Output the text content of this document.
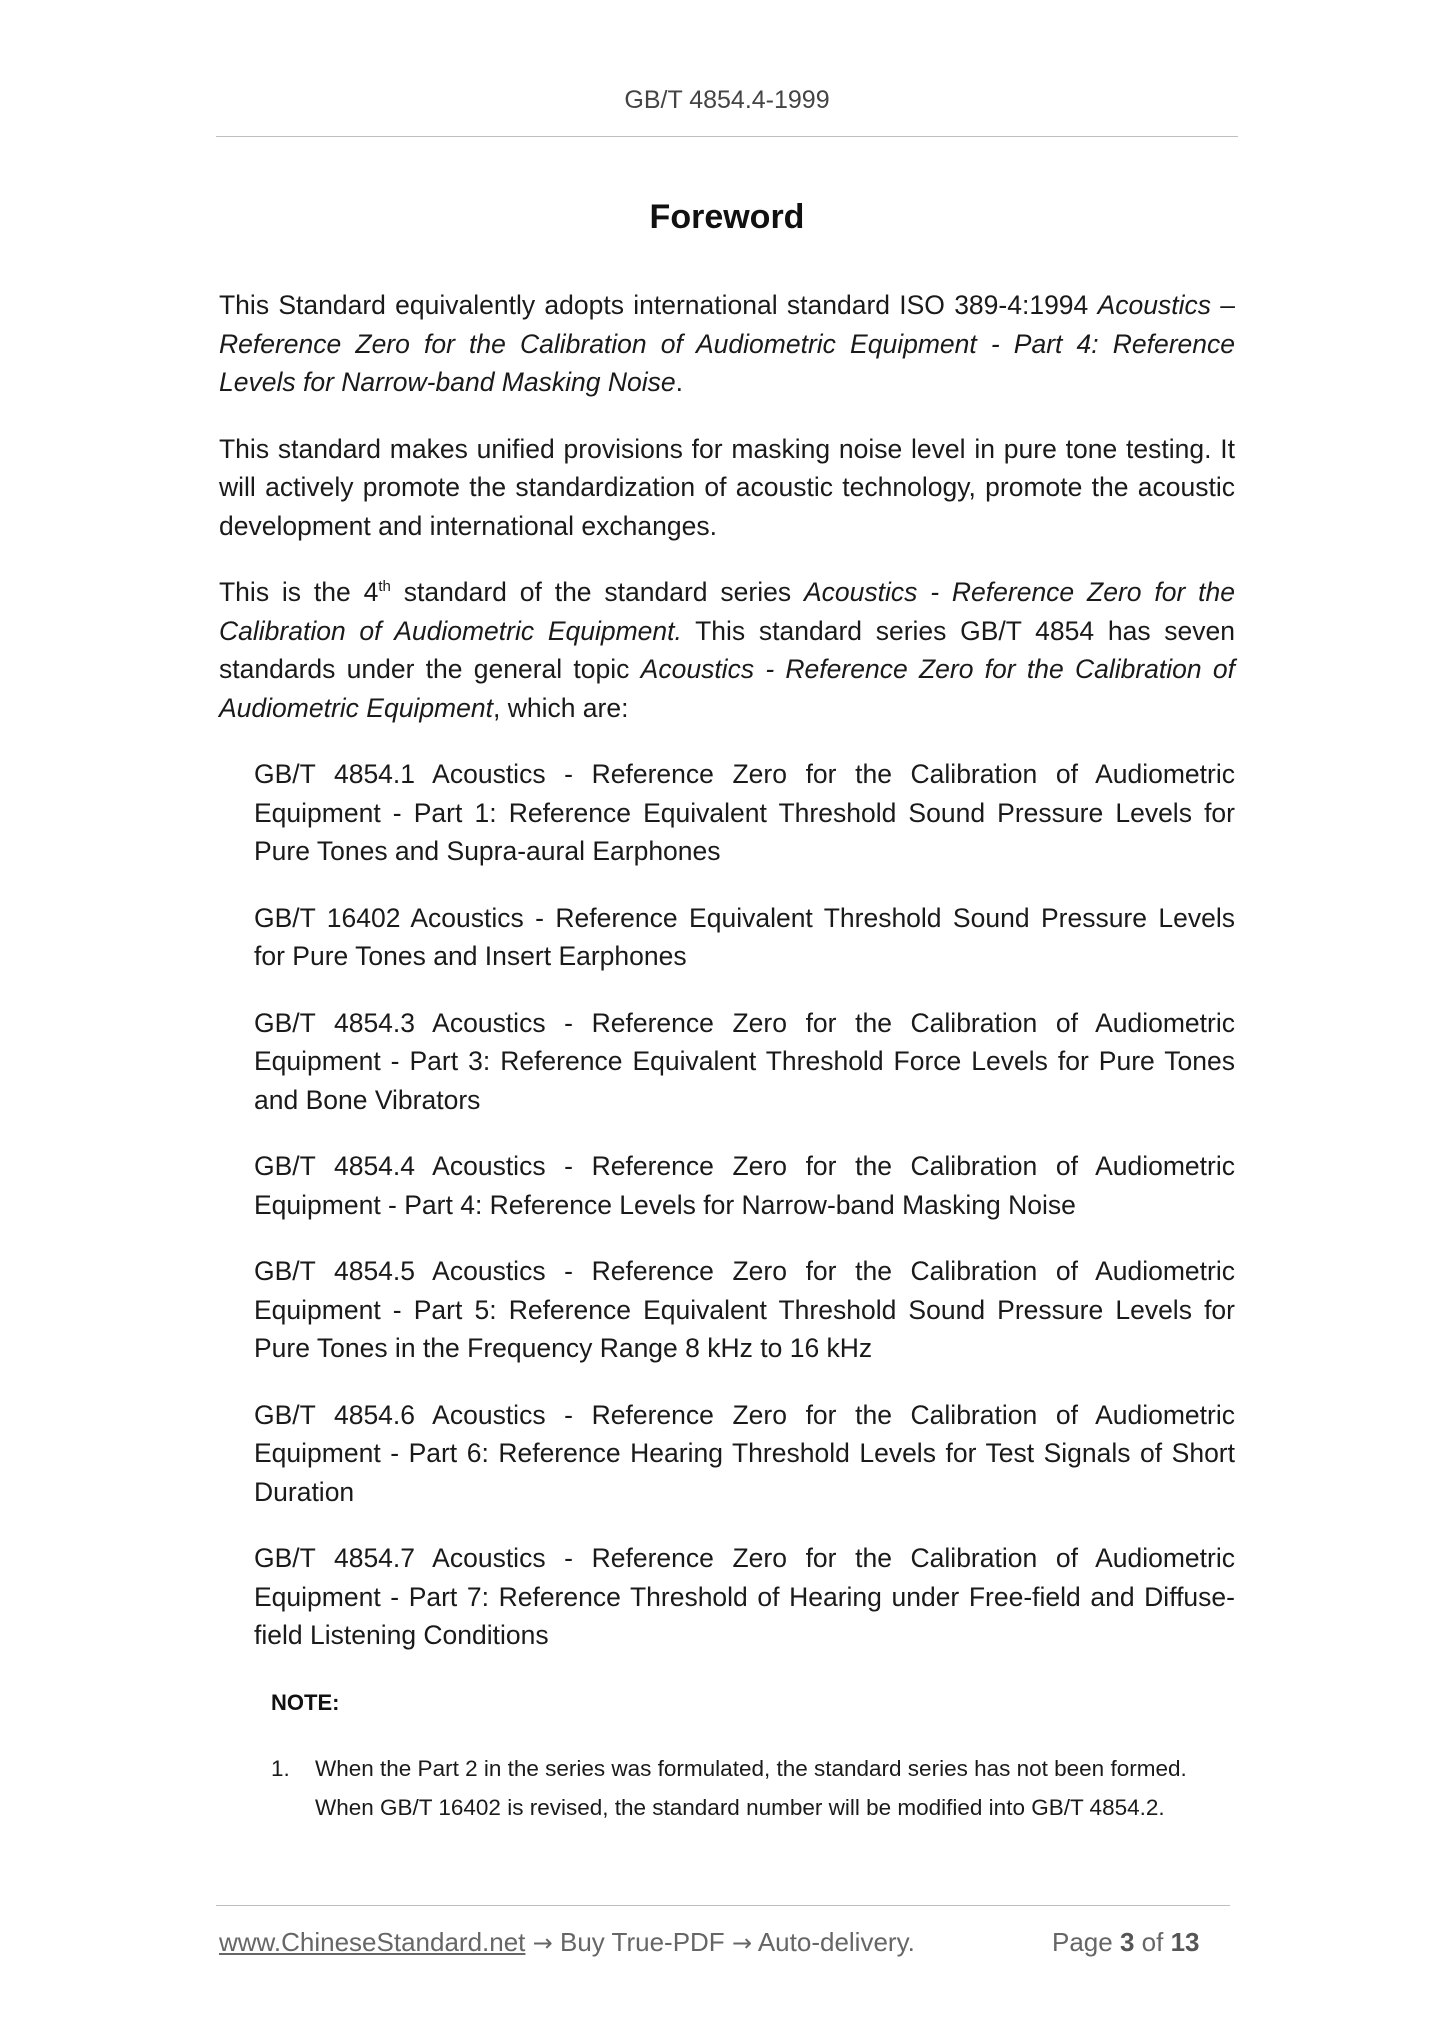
GB/T 4854.4-1999
Foreword

This Standard equivalently adopts international standard ISO 389-4:1994 Acoustics – Reference Zero for the Calibration of Audiometric Equipment - Part 4: Reference Levels for Narrow-band Masking Noise.

This standard makes unified provisions for masking noise level in pure tone testing. It will actively promote the standardization of acoustic technology, promote the acoustic development and international exchanges.

This is the 4th standard of the standard series Acoustics - Reference Zero for the Calibration of Audiometric Equipment. This standard series GB/T 4854 has seven standards under the general topic Acoustics - Reference Zero for the Calibration of Audiometric Equipment, which are:

GB/T 4854.1 Acoustics - Reference Zero for the Calibration of Audiometric Equipment - Part 1: Reference Equivalent Threshold Sound Pressure Levels for Pure Tones and Supra-aural Earphones
GB/T 16402 Acoustics - Reference Equivalent Threshold Sound Pressure Levels for Pure Tones and Insert Earphones
GB/T 4854.3 Acoustics - Reference Zero for the Calibration of Audiometric Equipment - Part 3: Reference Equivalent Threshold Force Levels for Pure Tones and Bone Vibrators
GB/T 4854.4 Acoustics - Reference Zero for the Calibration of Audiometric Equipment - Part 4: Reference Levels for Narrow-band Masking Noise
GB/T 4854.5 Acoustics - Reference Zero for the Calibration of Audiometric Equipment - Part 5: Reference Equivalent Threshold Sound Pressure Levels for Pure Tones in the Frequency Range 8 kHz to 16 kHz
GB/T 4854.6 Acoustics - Reference Zero for the Calibration of Audiometric Equipment - Part 6: Reference Hearing Threshold Levels for Test Signals of Short Duration
GB/T 4854.7 Acoustics - Reference Zero for the Calibration of Audiometric Equipment - Part 7: Reference Threshold of Hearing under Free-field and Diffuse-field Listening Conditions
NOTE:
1. When the Part 2 in the series was formulated, the standard series has not been formed. When GB/T 16402 is revised, the standard number will be modified into GB/T 4854.2.
www.ChineseStandard.net → Buy True-PDF → Auto-delivery.	Page 3 of 13
